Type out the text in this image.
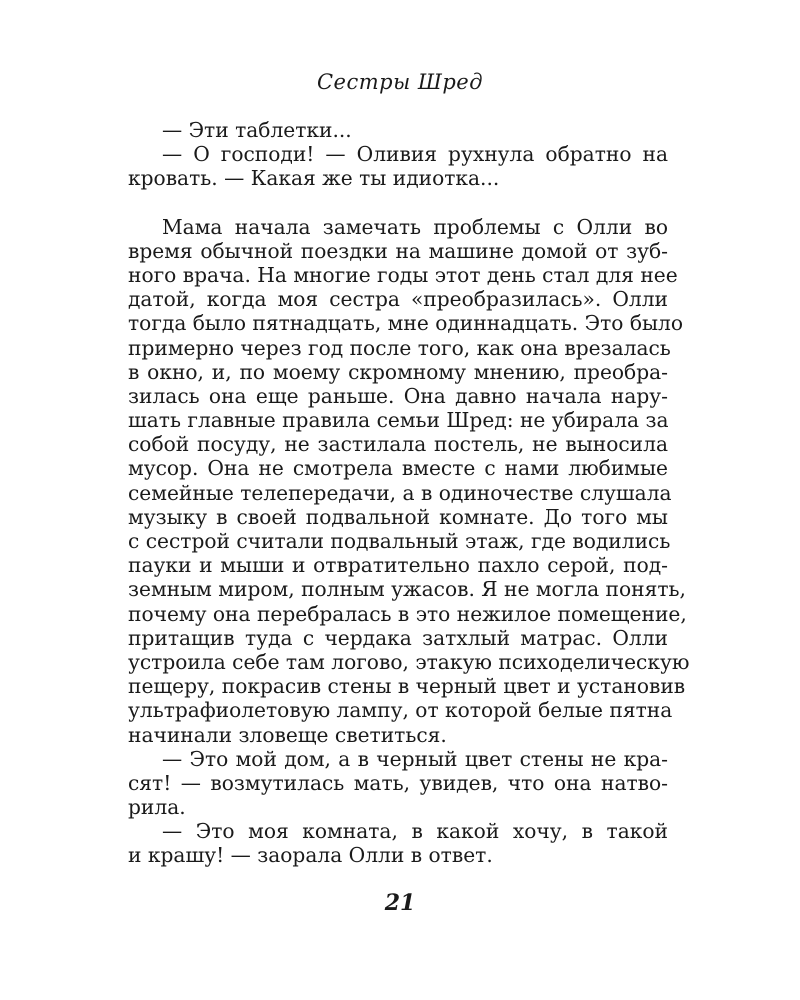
Сестры Шред
— Эти таблетки...
— О господи! — Оливия рухнула обратно на
кровать. — Какая же ты идиотка...
Мама начала замечать проблемы с Олли во
время обычной поездки на машине домой от зуб-
ного врача. На многие годы этот день стал для нее
датой, когда моя сестра «преобразилась». Олли
тогда было пятнадцать, мне одиннадцать. Это было
примерно через год после того, как она врезалась
в окно, и, по моему скромному мнению, преобра-
зилась она еще раньше. Она давно начала нару-
шать главные правила семьи Шред: не убирала за
собой посуду, не застилала постель, не выносила
мусор. Она не смотрела вместе с нами любимые
семейные телепередачи, а в одиночестве слушала
музыку в своей подвальной комнате. До того мы
с сестрой считали подвальный этаж, где водились
пауки и мыши и отвратительно пахло серой, под-
земным миром, полным ужасов. Я не могла понять,
почему она перебралась в это нежилое помещение,
притащив туда с чердака затхлый матрас. Олли
устроила себе там логово, этакую психоделическую
пещеру, покрасив стены в черный цвет и установив
ультрафиолетовую лампу, от которой белые пятна
начинали зловеще светиться.
— Это мой дом, а в черный цвет стены не кра-
сят! — возмутилась мать, увидев, что она натво-
рила.
— Это моя комната, в какой хочу, в такой
и крашу! — заорала Олли в ответ.
21
